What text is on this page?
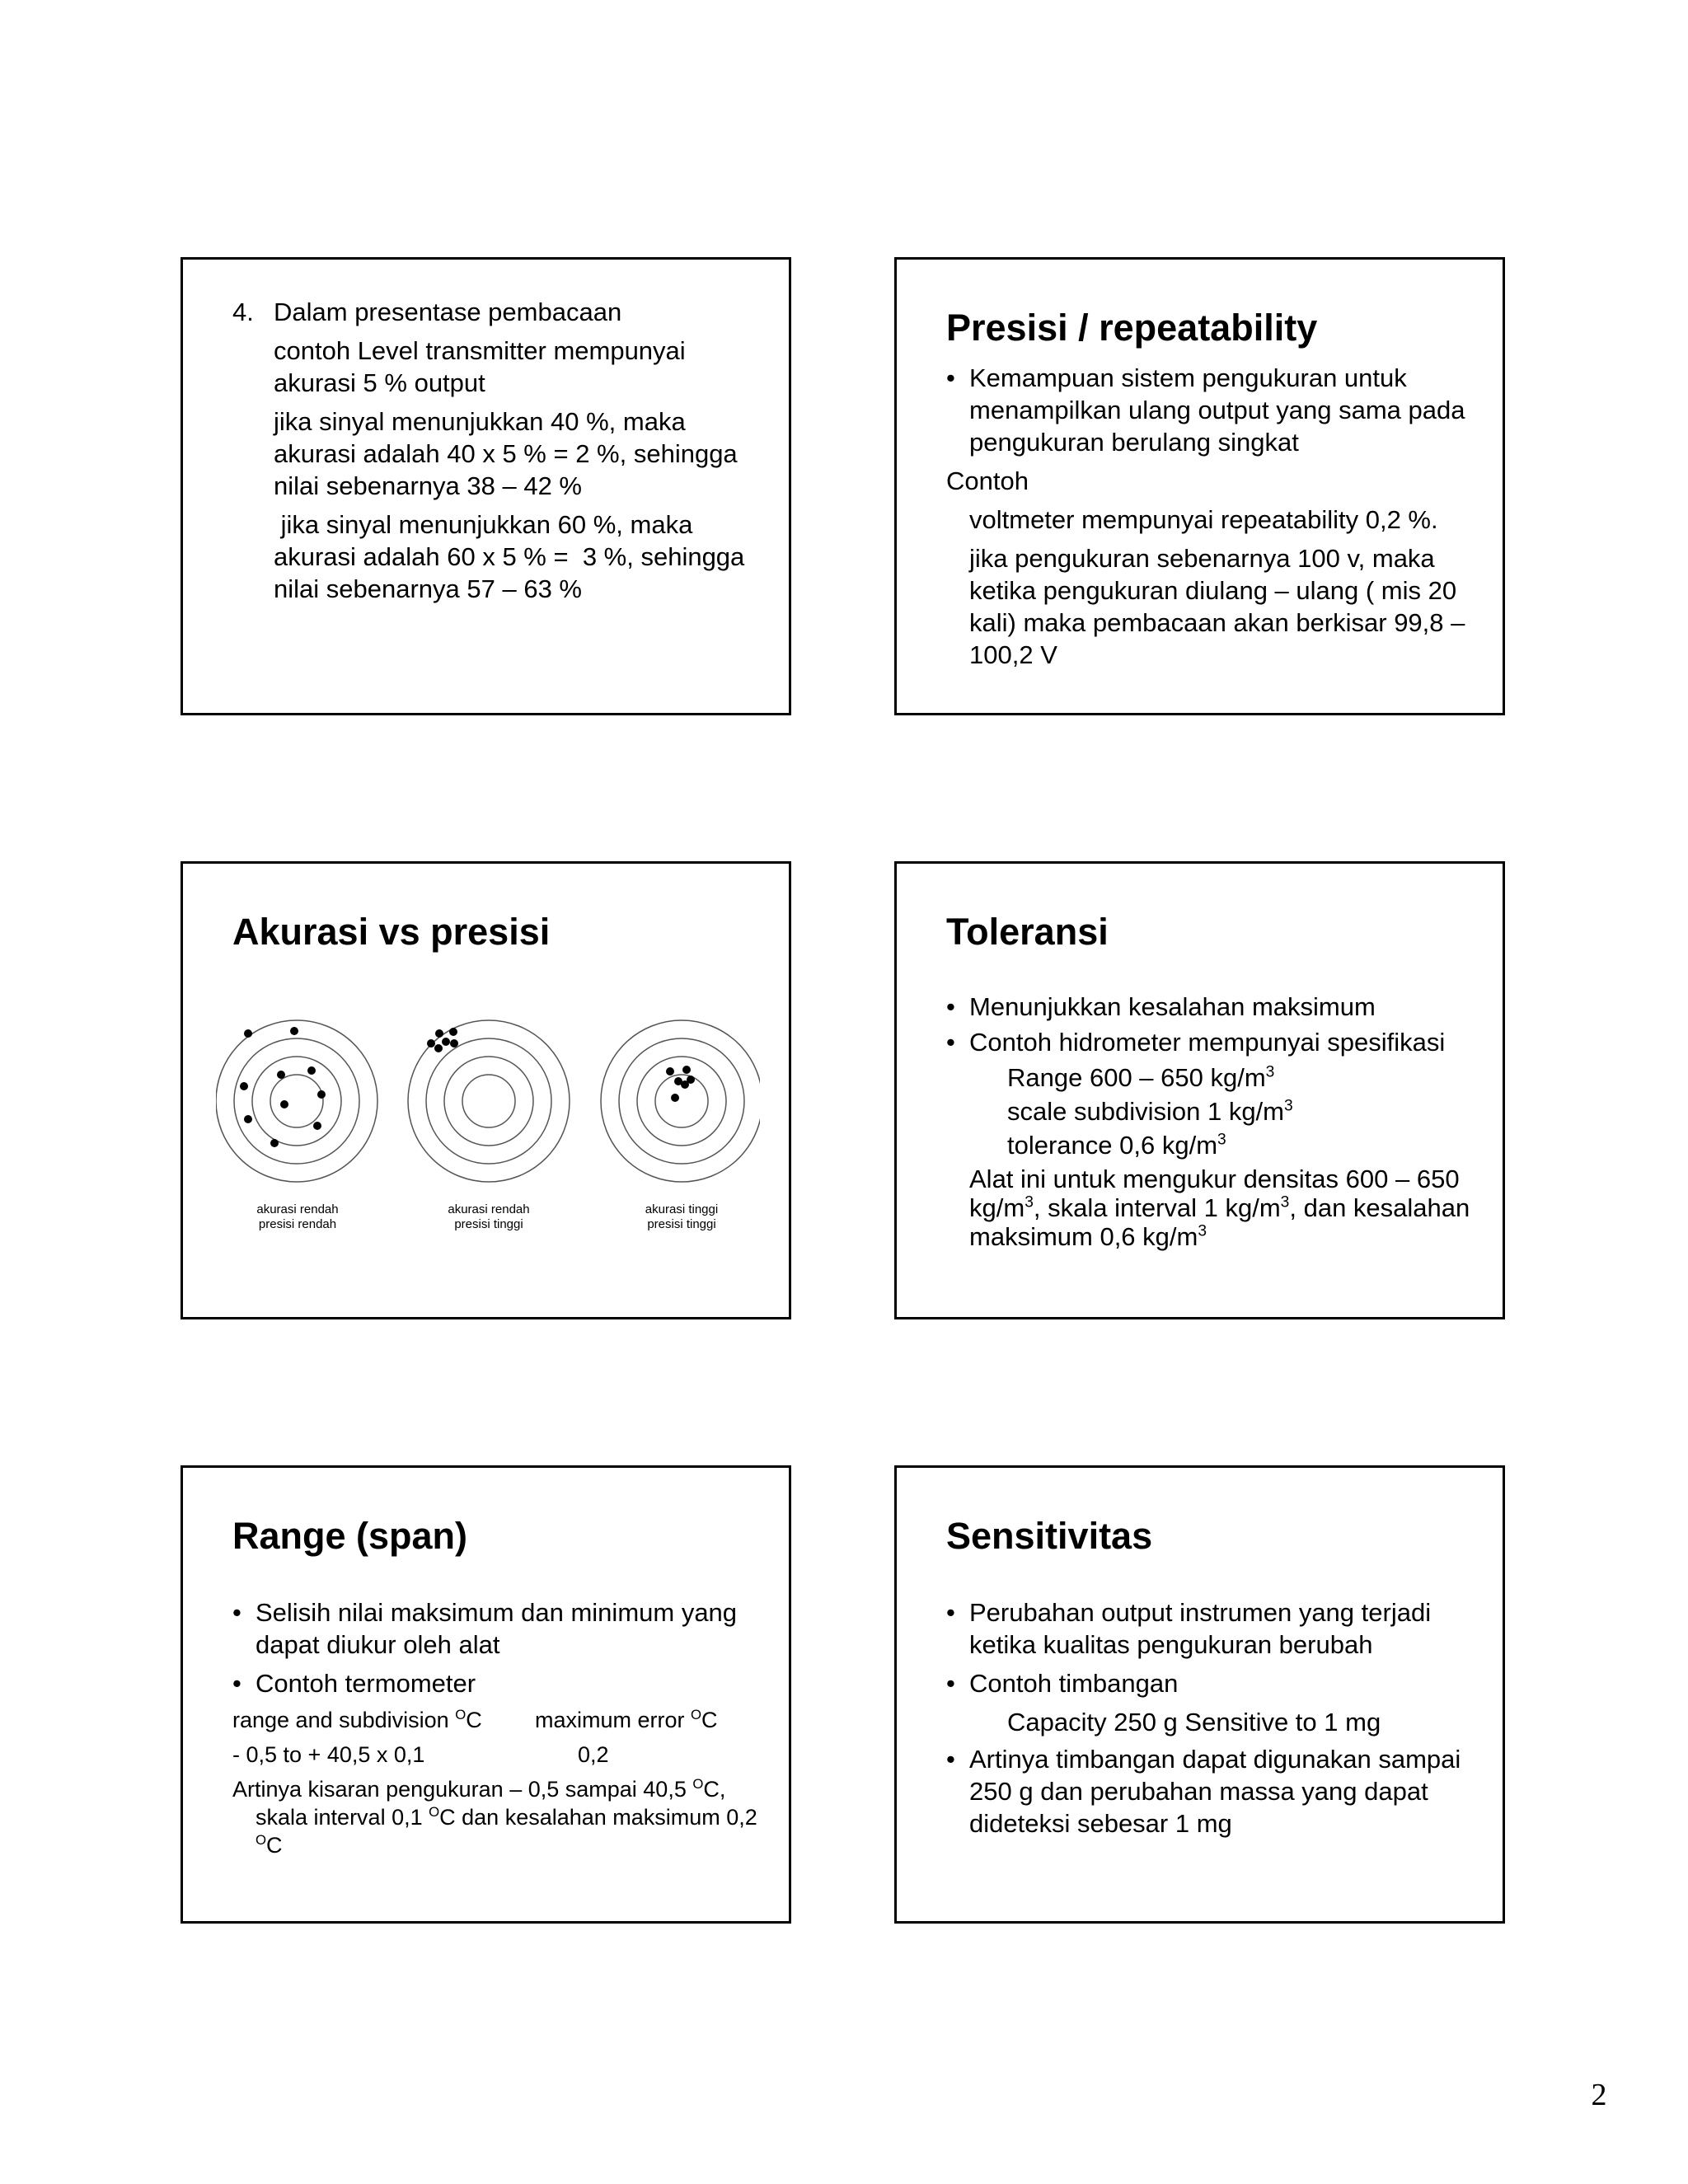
4. Dalam presentase pembacaan
contoh Level transmitter mempunyai akurasi 5 % output
jika sinyal menunjukkan 40 %, maka akurasi adalah 40 x 5 % = 2 %, sehingga nilai sebenarnya 38 – 42 %
jika sinyal menunjukkan 60 %, maka akurasi adalah 60 x 5 % =  3 %, sehingga nilai sebenarnya 57 – 63 %
Presisi / repeatability
• Kemampuan sistem pengukuran untuk menampilkan ulang output yang sama pada pengukuran berulang singkat
Contoh
voltmeter mempunyai repeatability 0,2 %.
jika pengukuran sebenarnya 100 v, maka ketika pengukuran diulang – ulang ( mis 20 kali) maka pembacaan akan berkisar 99,8 – 100,2 V
Akurasi vs presisi
akurasi rendah
presisi rendah
akurasi rendah
presisi tinggi
akurasi tinggi
presisi tinggi
Toleransi
• Menunjukkan kesalahan maksimum
• Contoh hidrometer mempunyai spesifikasi
Range 600 – 650 $kg/m^3$
scale subdivision 1 $kg/m^3$
tolerance 0,6 $kg/m^3$
Alat ini untuk mengukur densitas 600 – 650 $kg/m^3$, skala interval 1 $kg/m^3$, dan kesalahan maksimum 0,6 $kg/m^3$
Range (span)
• Selisih nilai maksimum dan minimum yang dapat diukur oleh alat
• Contoh termometer
range and subdivision $^O$C maximum error $^O$C
- 0,5 to + 40,5 x 0,1	0,2
Artinya kisaran pengukuran – 0,5 sampai 40,5 $^O$C, skala interval 0,1 $^O$C dan kesalahan maksimum 0,2 $^O$C
Sensitivitas
• Perubahan output instrumen yang terjadi ketika kualitas pengukuran berubah
• Contoh timbangan
Capacity 250 g Sensitive to 1 mg
• Artinya timbangan dapat digunakan sampai 250 g dan perubahan massa yang dapat dideteksi sebesar 1 mg
2
